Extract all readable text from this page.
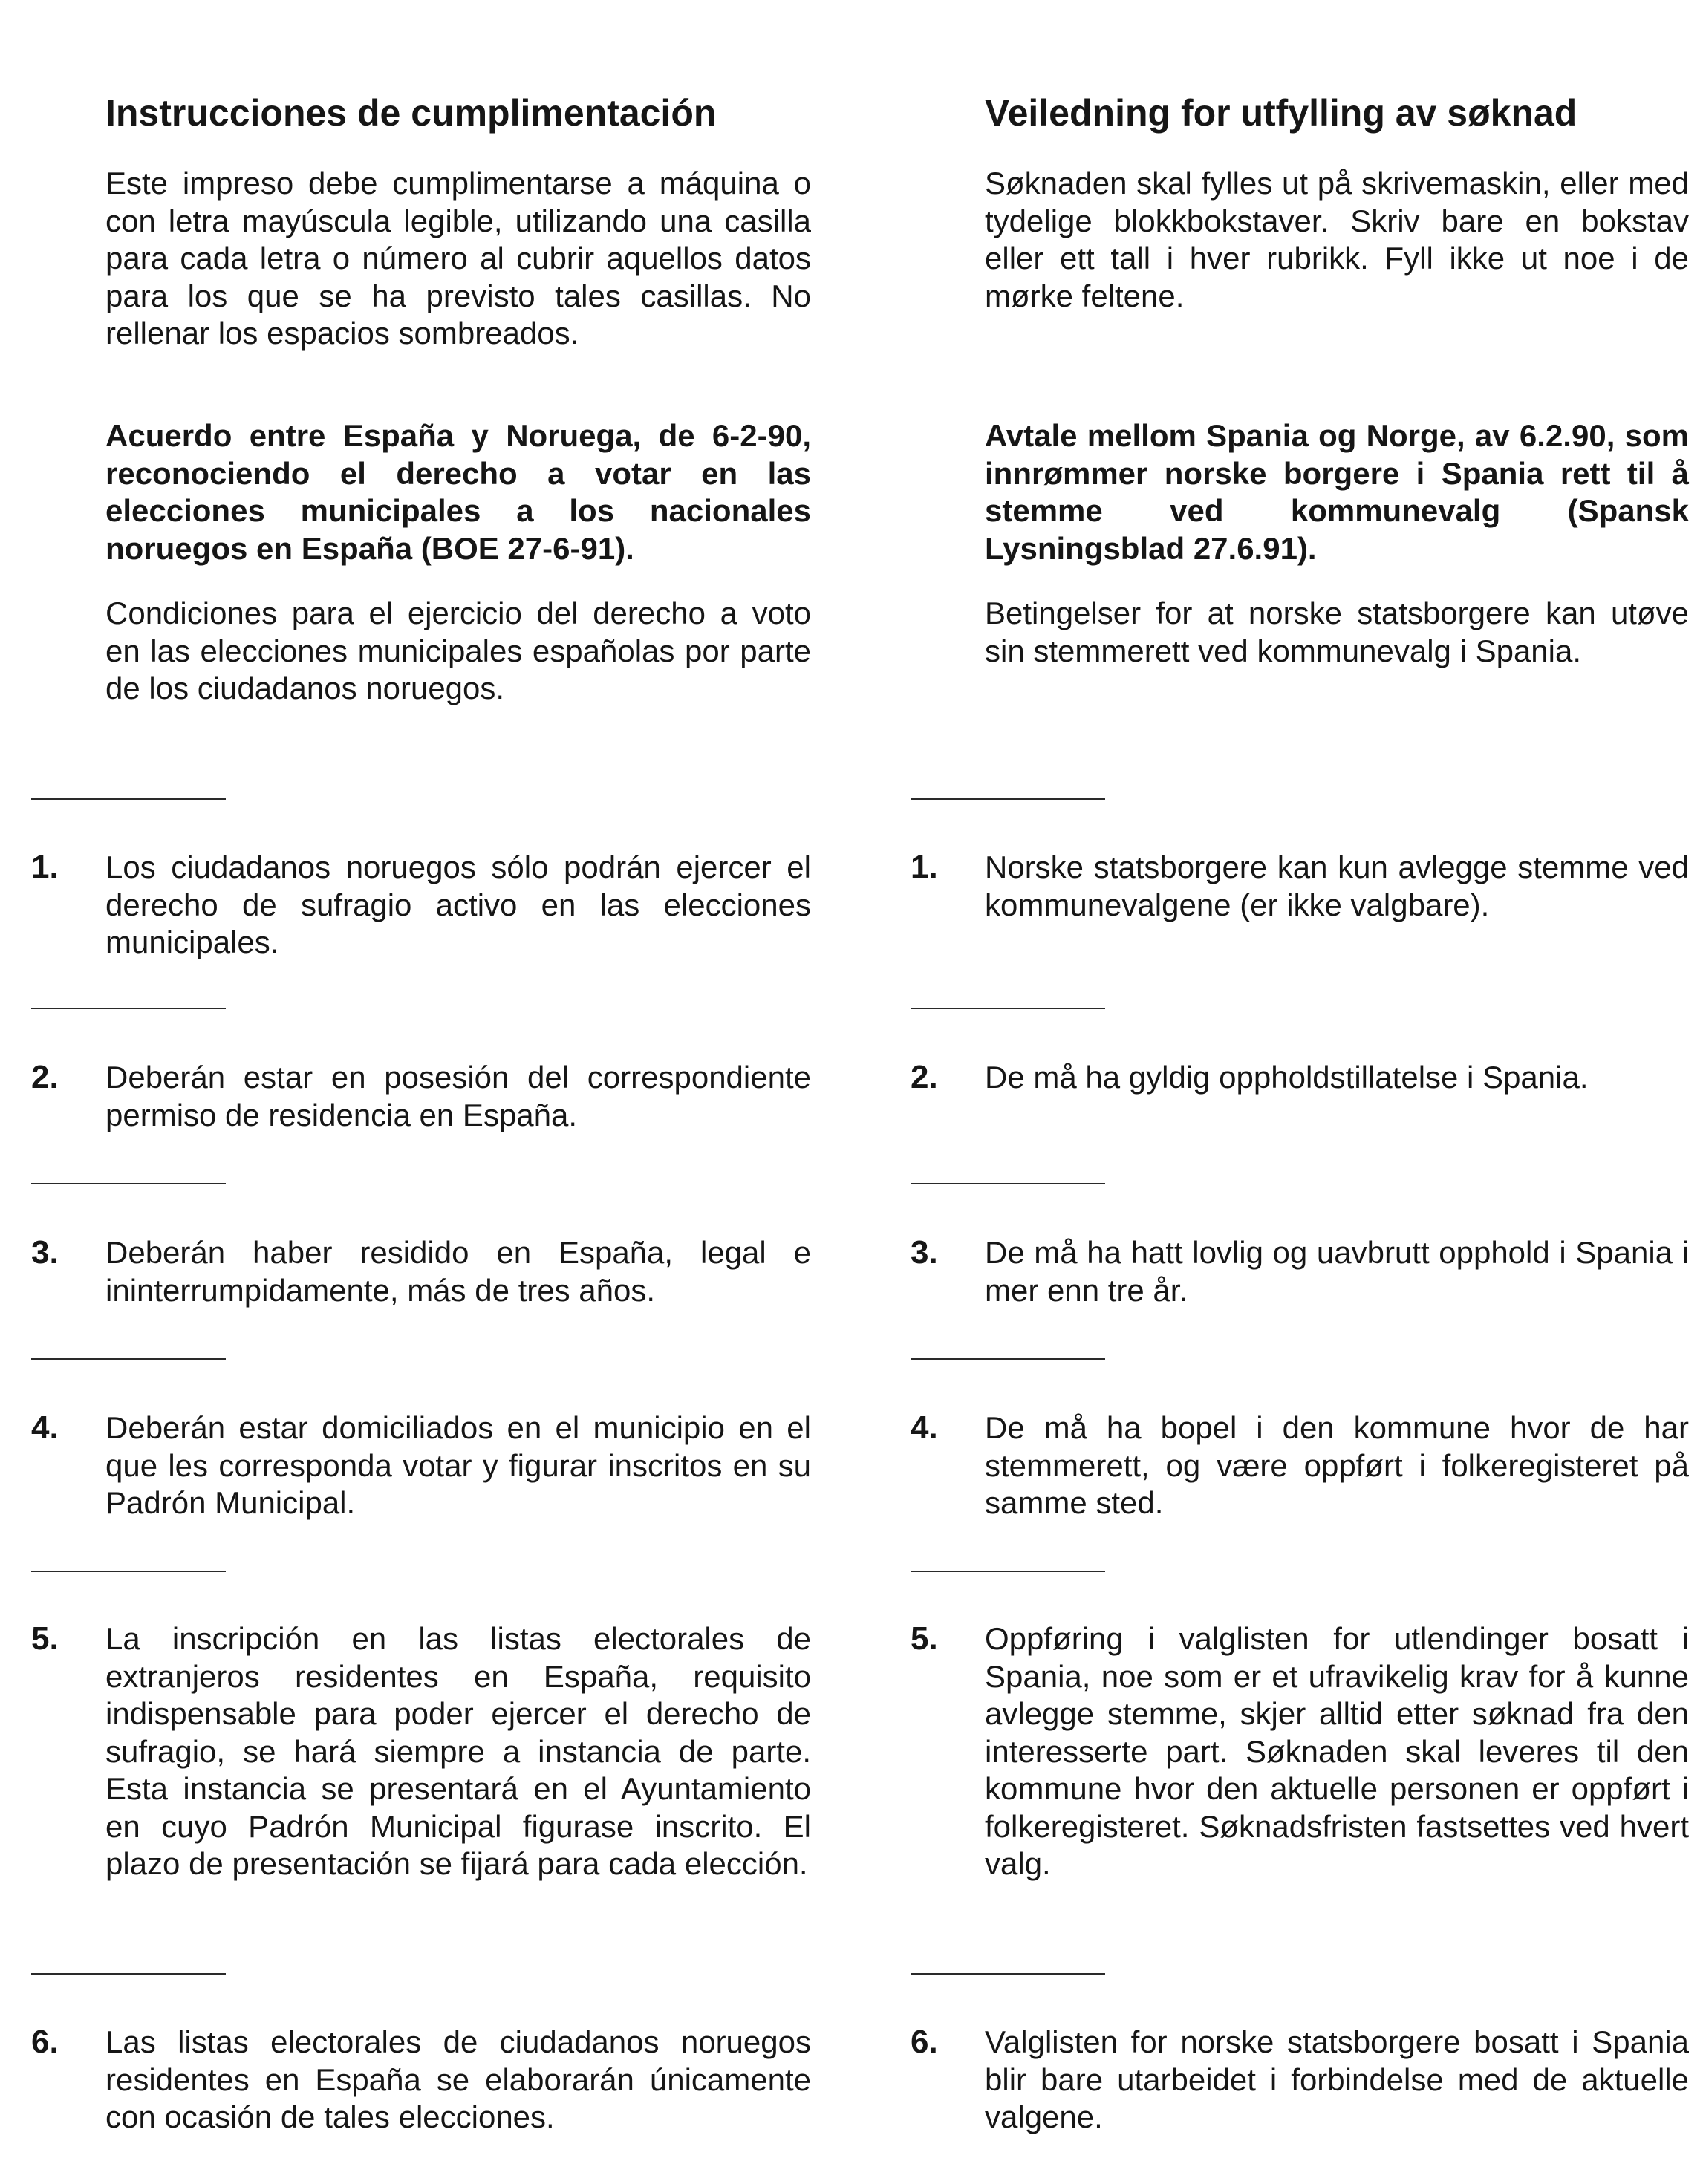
Instrucciones de cumplimentación

Este impreso debe cumplimentarse a máquina o con letra mayúscula legible, utilizando una casilla para cada letra o número al cubrir aquellos datos para los que se ha previsto tales casillas. No rellenar los espacios sombreados.

Acuerdo entre España y Noruega, de 6-2-90, reconociendo el derecho a votar en las elecciones municipales a los nacionales noruegos en España (BOE 27-6-91).

Condiciones para el ejercicio del derecho a voto en las elecciones municipales españolas por parte de los ciudadanos noruegos.

1. Los ciudadanos noruegos sólo podrán ejercer el derecho de sufragio activo en las elecciones municipales.

2. Deberán estar en posesión del correspondiente permiso de residencia en España.

3. Deberán haber residido en España, legal e ininterrumpidamente, más de tres años.

4. Deberán estar domiciliados en el municipio en el que les corresponda votar y figurar inscritos en su Padrón Municipal.

5. La inscripción en las listas electorales de extranjeros residentes en España, requisito indispensable para poder ejercer el derecho de sufragio, se hará siempre a instancia de parte. Esta instancia se presentará en el Ayuntamiento en cuyo Padrón Municipal figurase inscrito. El plazo de presentación se fijará para cada elección.

6. Las listas electorales de ciudadanos noruegos residentes en España se elaborarán únicamente con ocasión de tales elecciones.

Veiledning for utfylling av søknad

Søknaden skal fylles ut på skrivemaskin, eller med tydelige blokkbokstaver. Skriv bare en bokstav eller ett tall i hver rubrikk. Fyll ikke ut noe i de mørke feltene.

Avtale mellom Spania og Norge, av 6.2.90, som innrømmer norske borgere i Spania rett til å stemme ved kommunevalg (Spansk Lysningsblad 27.6.91).

Betingelser for at norske statsborgere kan utøve sin stemmerett ved kommunevalg i Spania.

1. Norske statsborgere kan kun avlegge stemme ved kommunevalgene (er ikke valgbare).

2. De må ha gyldig oppholdstillatelse i Spania.

3. De må ha hatt lovlig og uavbrutt opphold i Spania i mer enn tre år.

4. De må ha bopel i den kommune hvor de har stemmerett, og være oppført i folkeregisteret på samme sted.

5. Oppføring i valglisten for utlendinger bosatt i Spania, noe som er et ufravikelig krav for å kunne avlegge stemme, skjer alltid etter søknad fra den interesserte part. Søknaden skal leveres til den kommune hvor den aktuelle personen er oppført i folkeregisteret. Søknadsfristen fastsettes ved hvert valg.

6. Valglisten for norske statsborgere bosatt i Spania blir bare utarbeidet i forbindelse med de aktuelle valgene.
